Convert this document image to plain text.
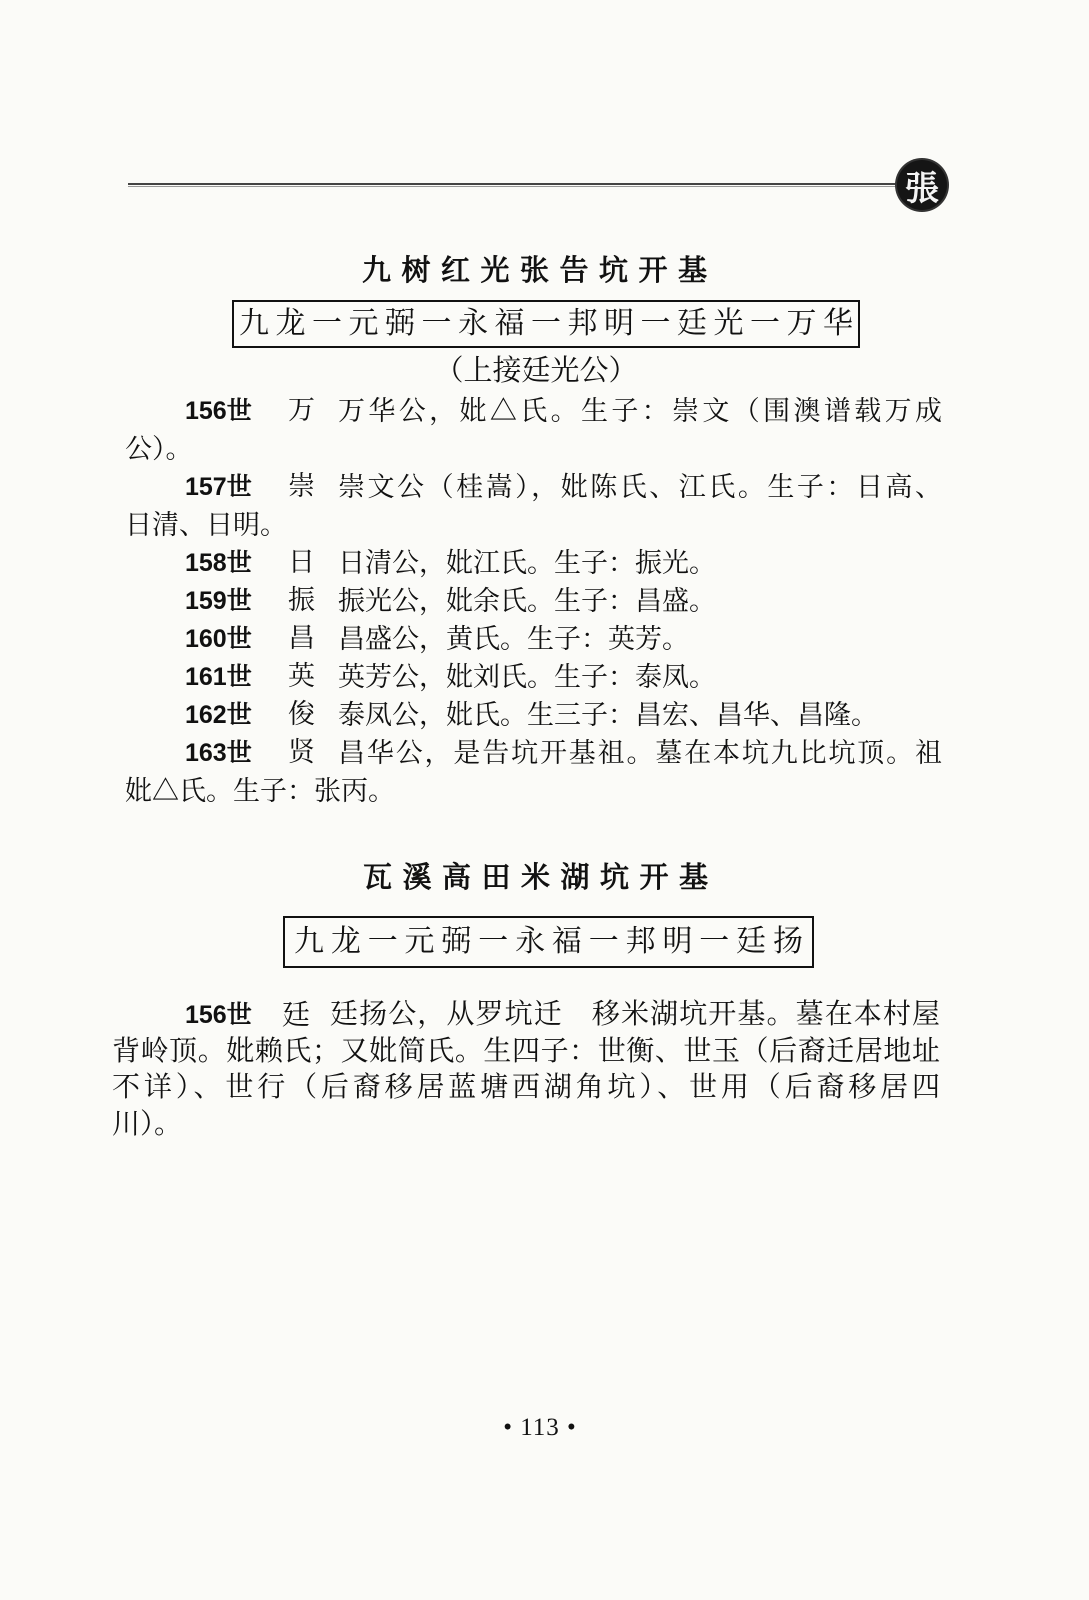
張
九树红光张告坑开基
九龙一元弼一永福一邦明一廷光一万华
（上接廷光公）
156世 万 万华公，妣△氏。生子：崇文（围澳谱载万成
公）。
157世 崇 崇文公（桂嵩），妣陈氏、江氏。生子：日高、
日清、日明。
158世 日 日清公，妣江氏。生子：振光。
159世 振 振光公，妣余氏。生子：昌盛。
160世 昌 昌盛公，黄氏。生子：英芳。
161世 英 英芳公，妣刘氏。生子：泰凤。
162世 俊 泰凤公，妣氏。生三子：昌宏、昌华、昌隆。
163世 贤 昌华公，是告坑开基祖。墓在本坑九比坑顶。祖
妣△氏。生子：张丙。
瓦溪高田米湖坑开基
九龙一元弼一永福一邦明一廷扬
156世 廷 廷扬公，从罗坑迁　移米湖坑开基。墓在本村屋
背岭顶。妣赖氏；又妣简氏。生四子：世衡、世玉（后裔迁居地址
不详）、世行（后裔移居蓝塘西湖角坑）、世用（后裔移居四
川）。
• 113 •
